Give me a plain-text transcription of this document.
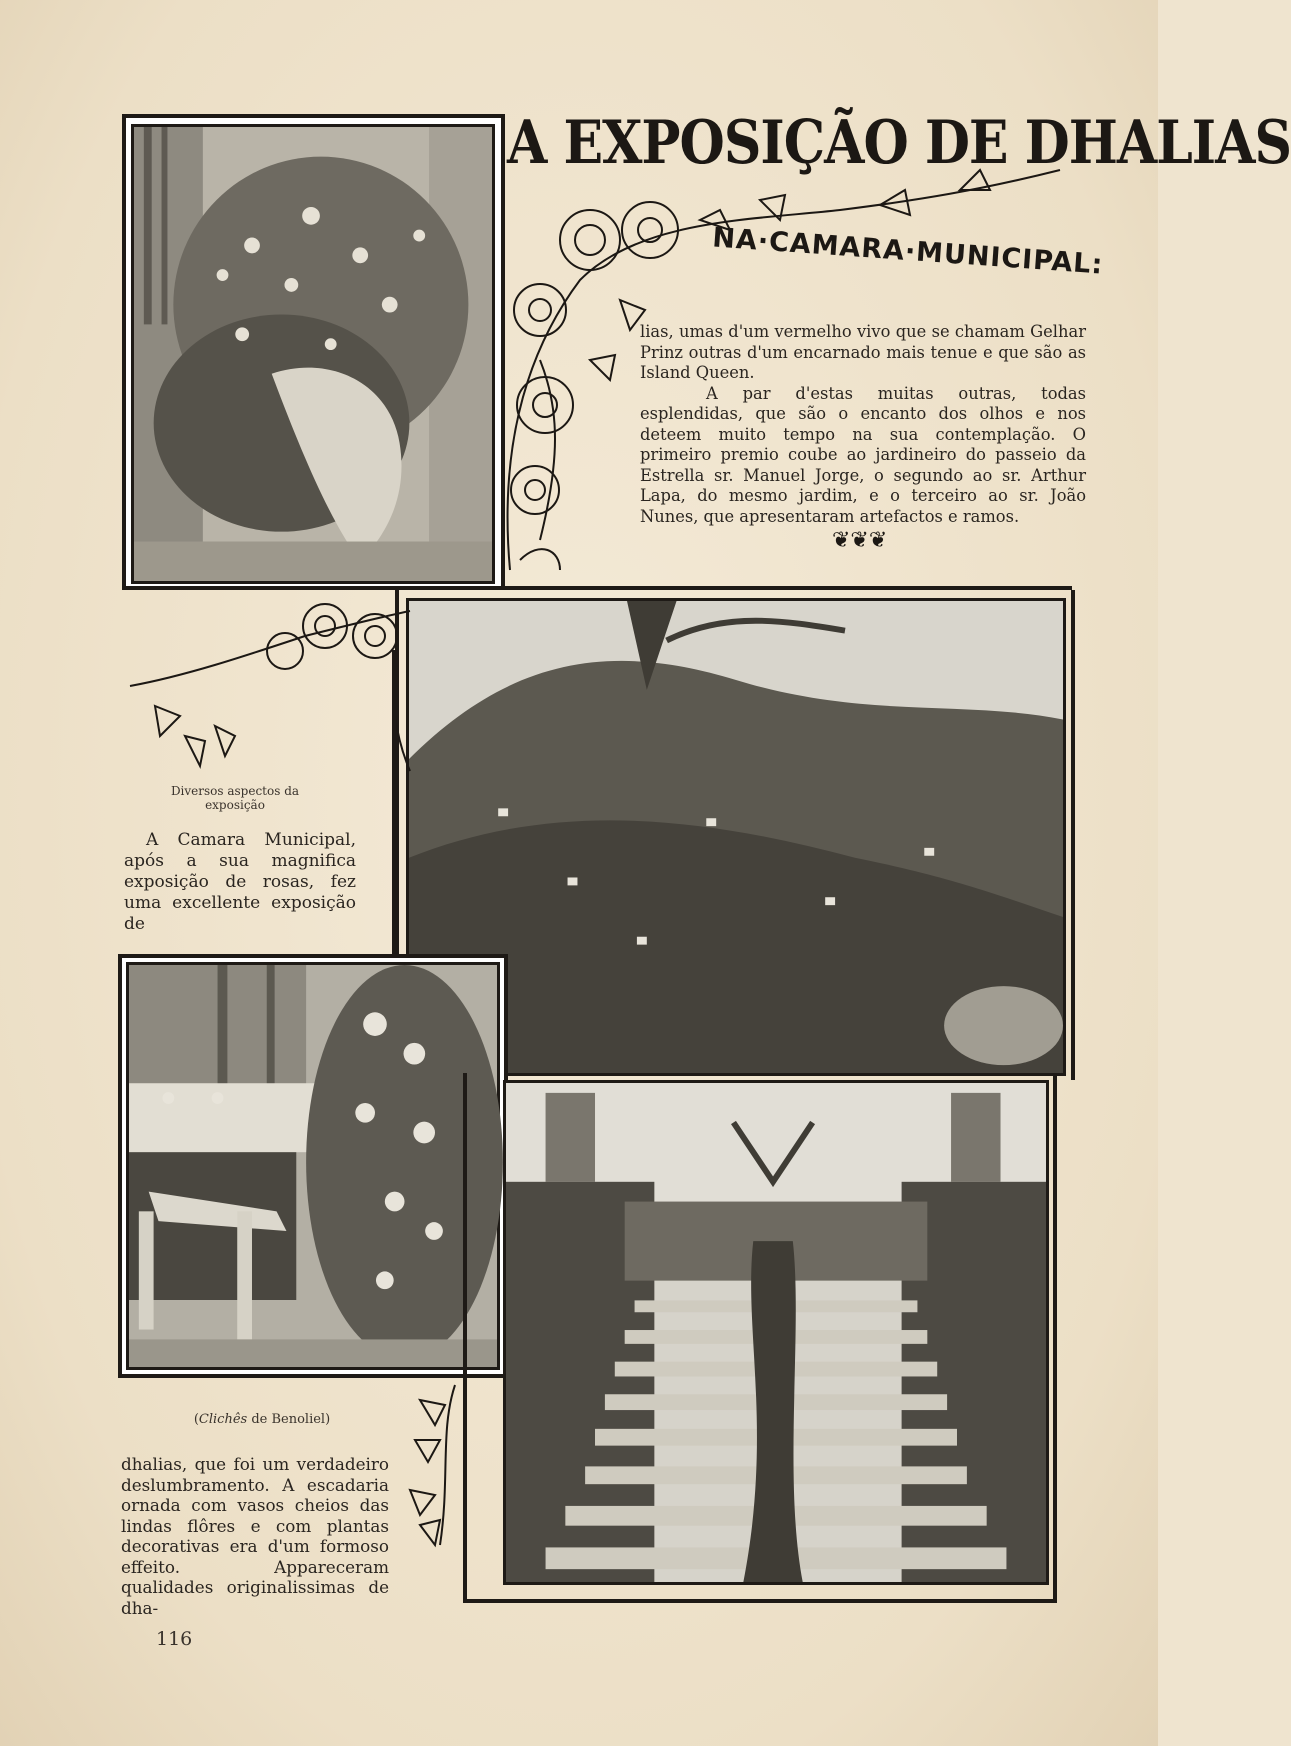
A EXPOSIÇÃO DE DHALIAS
NA·CAMARA·MUNICIPAL:

lias, umas d'um vermelho vivo que se chamam Gelhar Prinz outras d'um encarnado mais tenue e que são as Island Queen.

A par d'estas muitas outras, todas esplendidas, que são o encanto dos olhos e nos deteem muito tempo na sua contemplação. O primeiro premio coube ao jardineiro do passeio da Estrella sr. Manuel Jorge, o segundo ao sr. Arthur Lapa, do mesmo jardim, e o terceiro ao sr. João Nunes, que apresentaram artefactos e ramos.

❦❦❦
Diversos aspectos da exposição

A Camara Municipal, após a sua magnifica exposição de rosas, fez uma excellente exposição de

(Clichês de Benoliel)

dhalias, que foi um verdadeiro deslumbramento. A escadaria ornada com vasos cheios das lindas flôres e com plantas decorativas era d'um formoso effeito. Appareceram qualidades originalissimas de dha-

116
